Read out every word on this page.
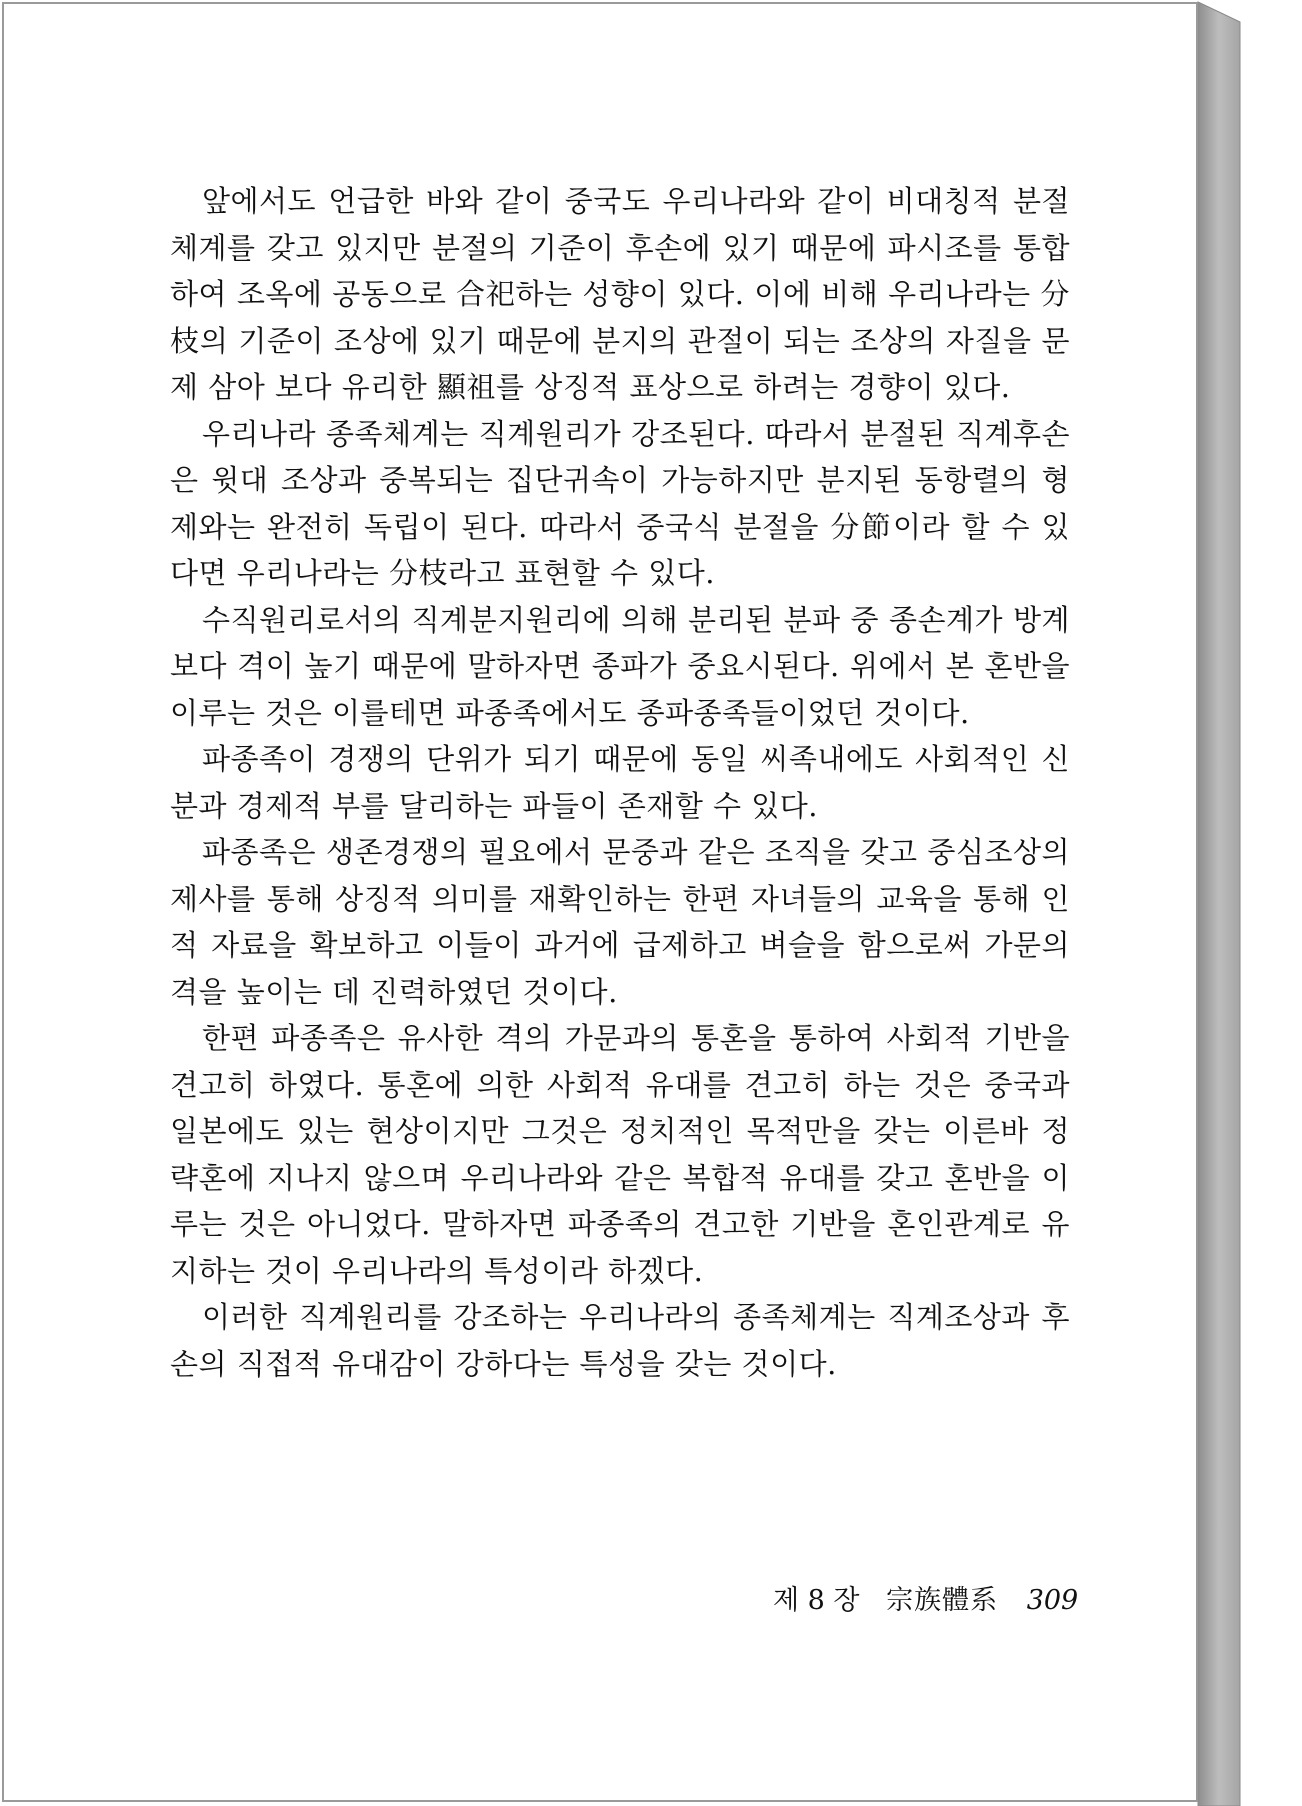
앞에서도 언급한 바와 같이 중국도 우리나라와 같이 비대칭적 분절체계를 갖고 있지만 분절의 기준이 후손에 있기 때문에 파시조를 통합하여 조옥에 공동으로 合祀하는 성향이 있다. 이에 비해 우리나라는 分枝의 기준이 조상에 있기 때문에 분지의 관절이 되는 조상의 자질을 문제 삼아 보다 유리한 顯祖를 상징적 표상으로 하려는 경향이 있다.

우리나라 종족체계는 직계원리가 강조된다. 따라서 분절된 직계후손은 윗대 조상과 중복되는 집단귀속이 가능하지만 분지된 동항렬의 형제와는 완전히 독립이 된다. 따라서 중국식 분절을 分節이라 할 수 있다면 우리나라는 分枝라고 표현할 수 있다.

수직원리로서의 직계분지원리에 의해 분리된 분파 중 종손계가 방계보다 격이 높기 때문에 말하자면 종파가 중요시된다. 위에서 본 혼반을 이루는 것은 이를테면 파종족에서도 종파종족들이었던 것이다.

파종족이 경쟁의 단위가 되기 때문에 동일 씨족내에도 사회적인 신분과 경제적 부를 달리하는 파들이 존재할 수 있다.

파종족은 생존경쟁의 필요에서 문중과 같은 조직을 갖고 중심조상의 제사를 통해 상징적 의미를 재확인하는 한편 자녀들의 교육을 통해 인적 자료을 확보하고 이들이 과거에 급제하고 벼슬을 함으로써 가문의 격을 높이는 데 진력하였던 것이다.

한편 파종족은 유사한 격의 가문과의 통혼을 통하여 사회적 기반을 견고히 하였다. 통혼에 의한 사회적 유대를 견고히 하는 것은 중국과 일본에도 있는 현상이지만 그것은 정치적인 목적만을 갖는 이른바 정략혼에 지나지 않으며 우리나라와 같은 복합적 유대를 갖고 혼반을 이루는 것은 아니었다. 말하자면 파종족의 견고한 기반을 혼인관계로 유지하는 것이 우리나라의 특성이라 하겠다.

이러한 직계원리를 강조하는 우리나라의 종족체계는 직계조상과 후손의 직접적 유대감이 강하다는 특성을 갖는 것이다.

제 8 장 宗族體系 309
